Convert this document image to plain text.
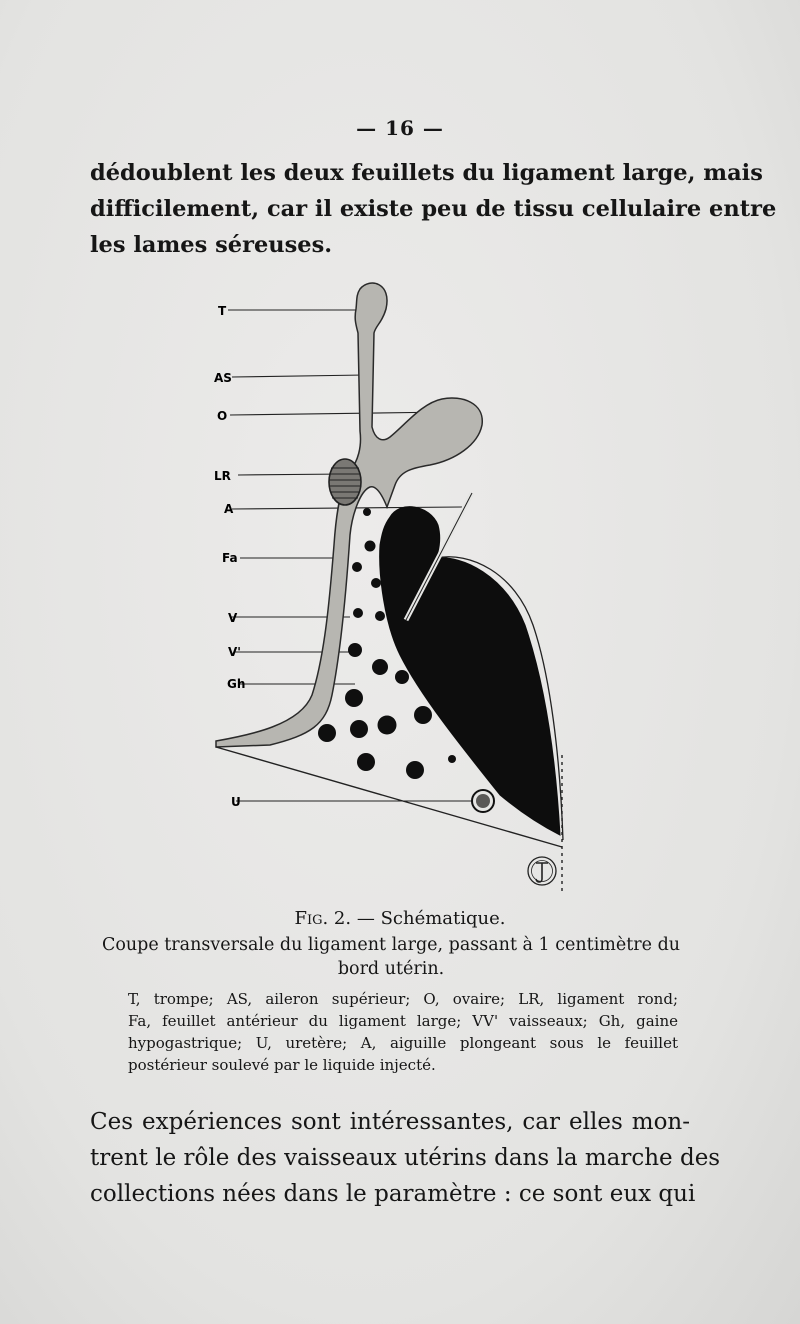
— 16 —
dédoublent les deux feuillets du ligament large, mais
difficilement, car il existe peu de tissu cellulaire entre
les lames séreuses.
T
AS
O
LR
A
Fa
V
V'
Gh
U
Fig. 2. — Schématique.
Coupe transversale du ligament large, passant à 1 centimètre du bord utérin.
T, trompe; AS, aileron supérieur; O, ovaire; LR, ligament rond;
Fa, feuillet antérieur du ligament large; VV' vaisseaux; Gh, gaine
hypogastrique; U, uretère; A, aiguille plongeant sous le feuillet
postérieur soulevé par le liquide injecté.
Ces expériences sont intéressantes, car elles mon-
trent le rôle des vaisseaux utérins dans la marche des
collections nées dans le paramètre : ce sont eux qui
